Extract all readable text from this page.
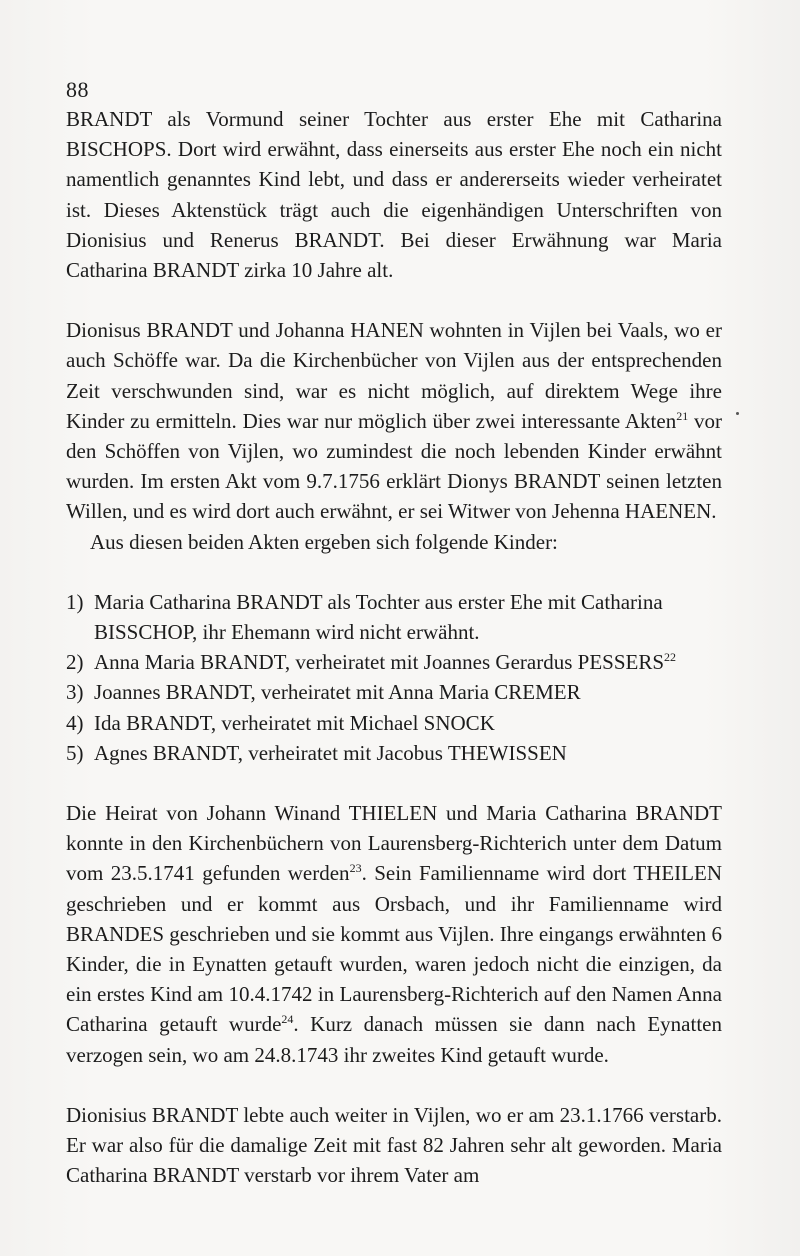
88

BRANDT als Vormund seiner Tochter aus erster Ehe mit Catharina BISCHOPS. Dort wird erwähnt, dass einerseits aus erster Ehe noch ein nicht namentlich genanntes Kind lebt, und dass er andererseits wieder verheiratet ist. Dieses Aktenstück trägt auch die eigenhändigen Unterschriften von Dionisius und Renerus BRANDT. Bei dieser Erwähnung war Maria Catharina BRANDT zirka 10 Jahre alt.

Dionisus BRANDT und Johanna HANEN wohnten in Vijlen bei Vaals, wo er auch Schöffe war. Da die Kirchenbücher von Vijlen aus der entsprechenden Zeit verschwunden sind, war es nicht möglich, auf direktem Wege ihre Kinder zu ermitteln. Dies war nur möglich über zwei interessante Akten$^{21}$ vor den Schöffen von Vijlen, wo zumindest die noch lebenden Kinder erwähnt wurden. Im ersten Akt vom 9.7.1756 erklärt Dionys BRANDT seinen letzten Willen, und es wird dort auch erwähnt, er sei Witwer von Jehenna HAENEN.

Aus diesen beiden Akten ergeben sich folgende Kinder:

1) Maria Catharina BRANDT als Tochter aus erster Ehe mit Catharina BISSCHOP, ihr Ehemann wird nicht erwähnt.
2) Anna Maria BRANDT, verheiratet mit Joannes Gerardus PESSERS$^{22}$
3) Joannes BRANDT, verheiratet mit Anna Maria CREMER
4) Ida BRANDT, verheiratet mit Michael SNOCK
5) Agnes BRANDT, verheiratet mit Jacobus THEWISSEN

Die Heirat von Johann Winand THIELEN und Maria Catharina BRANDT konnte in den Kirchenbüchern von Laurensberg-Richterich unter dem Datum vom 23.5.1741 gefunden werden$^{23}$. Sein Familienname wird dort THEILEN geschrieben und er kommt aus Orsbach, und ihr Familienname wird BRANDES geschrieben und sie kommt aus Vijlen. Ihre eingangs erwähnten 6 Kinder, die in Eynatten getauft wurden, waren jedoch nicht die einzigen, da ein erstes Kind am 10.4.1742 in Laurensberg-Richterich auf den Namen Anna Catharina getauft wurde$^{24}$. Kurz danach müssen sie dann nach Eynatten verzogen sein, wo am 24.8.1743 ihr zweites Kind getauft wurde.

Dionisius BRANDT lebte auch weiter in Vijlen, wo er am 23.1.1766 verstarb. Er war also für die damalige Zeit mit fast 82 Jahren sehr alt geworden. Maria Catharina BRANDT verstarb vor ihrem Vater am
